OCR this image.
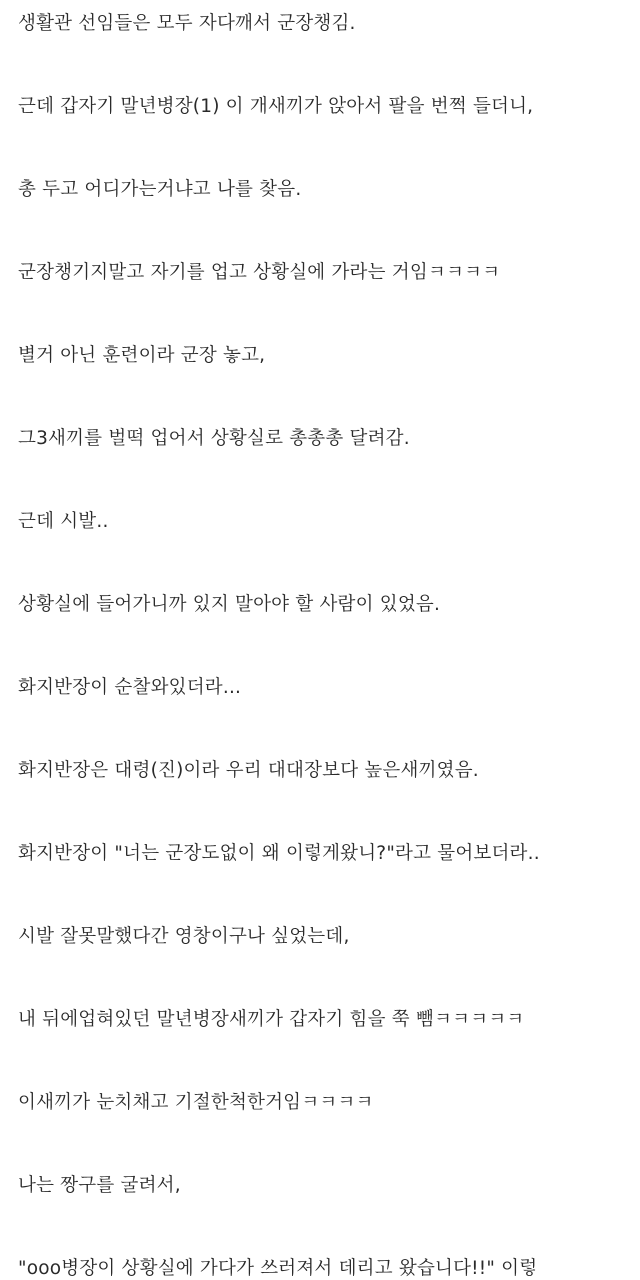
생활관 선임들은 모두 자다깨서 군장챙김.

근데 갑자기 말년병장(1) 이 개새끼가 앉아서 팔을 번쩍 들더니,

총 두고 어디가는거냐고 나를 찾음.

군장챙기지말고 자기를 업고 상황실에 가라는 거임ㅋㅋㅋㅋ

별거 아닌 훈련이라 군장 놓고,

그3새끼를 벌떡 업어서 상황실로 총총총 달려감.

근데 시발..

상황실에 들어가니까 있지 말아야 할 사람이 있었음.

화지반장이 순찰와있더라...

화지반장은 대령(진)이라 우리 대대장보다 높은새끼였음.

화지반장이 "너는 군장도없이 왜 이렇게왔니?"라고 물어보더라..

시발 잘못말했다간 영창이구나 싶었는데,

내 뒤에업혀있던 말년병장새끼가 갑자기 힘을 쭉 뺌ㅋㅋㅋㅋㅋ

이새끼가 눈치채고 기절한척한거임ㅋㅋㅋㅋ

나는 짱구를 굴려서,

"ooo병장이 상황실에 가다가 쓰러져서 데리고 왔습니다!!" 이렇
